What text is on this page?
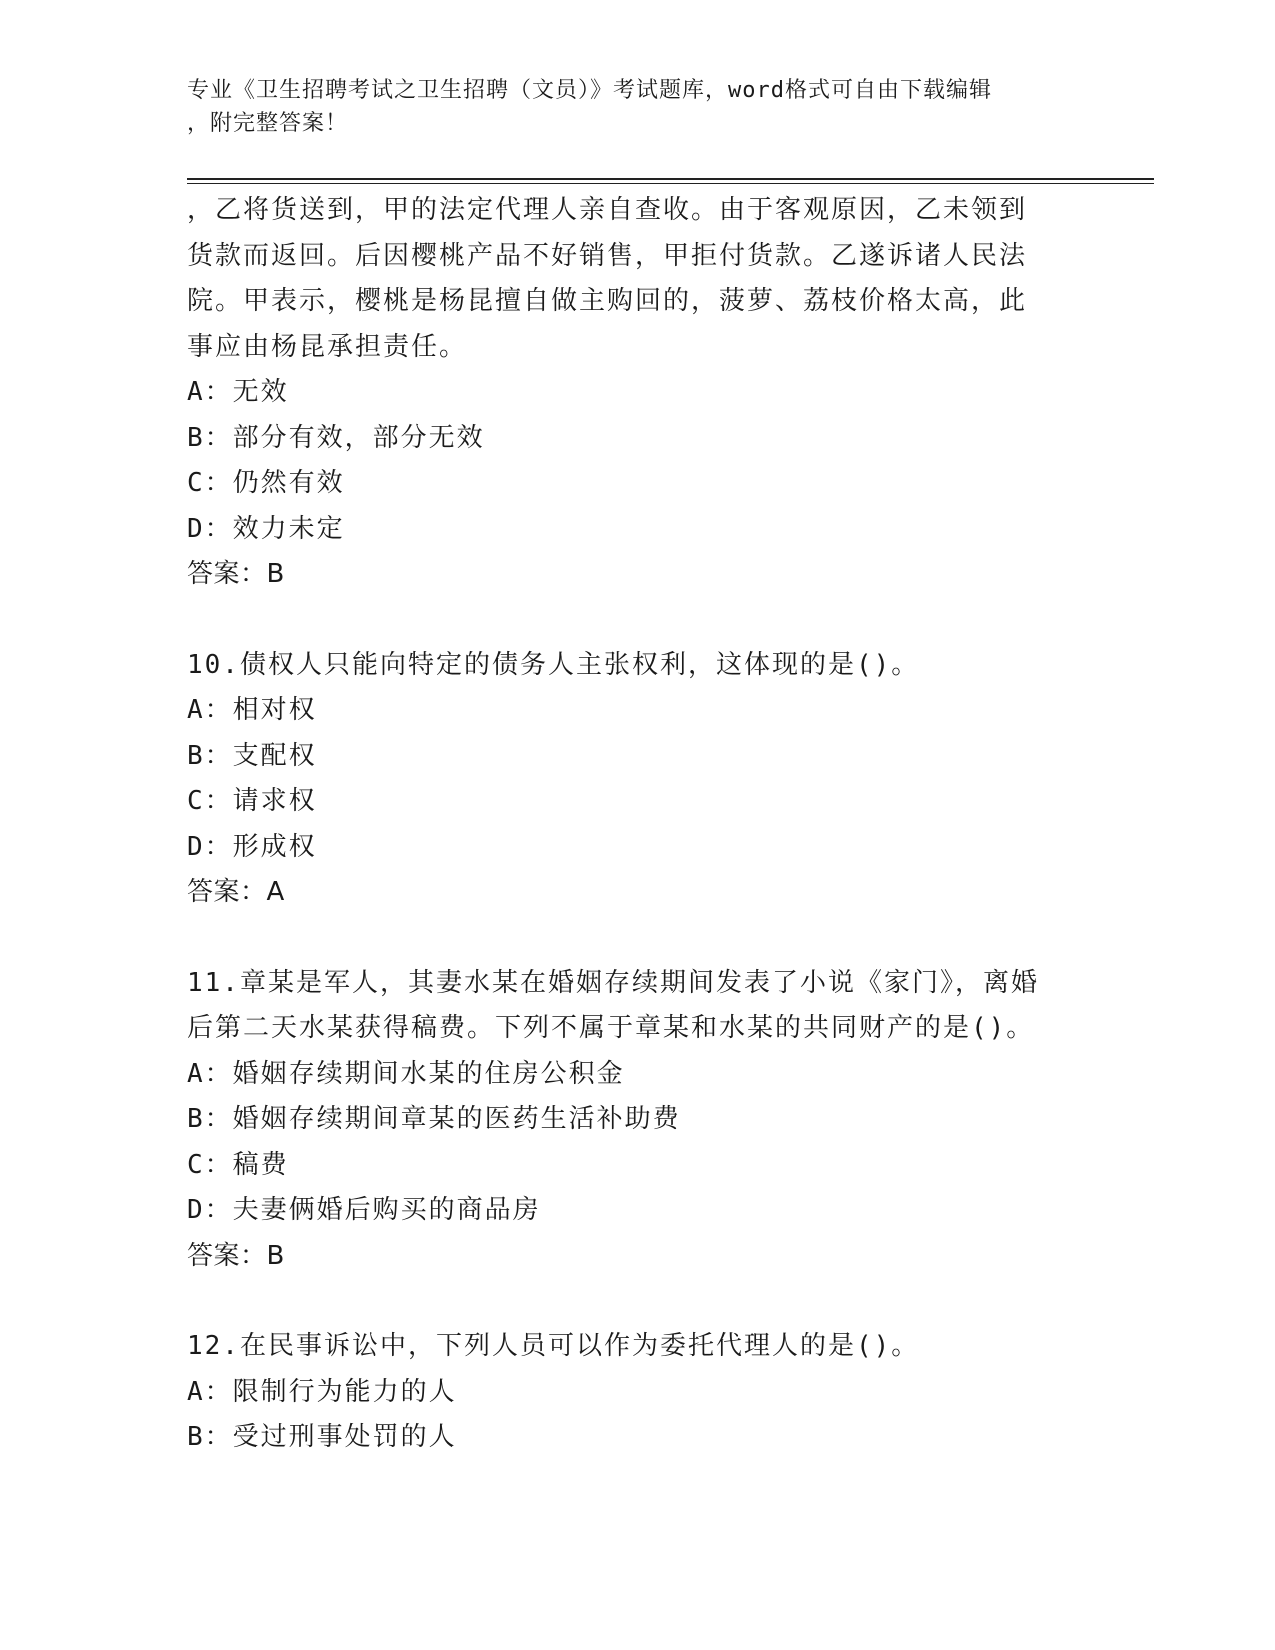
专业《卫生招聘考试之卫生招聘（文员）》考试题库，word格式可自由下载编辑
，附完整答案！
，乙将货送到，甲的法定代理人亲自查收。由于客观原因，乙未领到
货款而返回。后因樱桃产品不好销售，甲拒付货款。乙遂诉诸人民法
院。甲表示，樱桃是杨昆擅自做主购回的，菠萝、荔枝价格太高，此
事应由杨昆承担责任。
A：无效
B：部分有效，部分无效
C：仍然有效
D：效力未定
答案：B
10.债权人只能向特定的债务人主张权利，这体现的是()。
A：相对权
B：支配权
C：请求权
D：形成权
答案：A
11.章某是军人，其妻水某在婚姻存续期间发表了小说《家门》，离婚
后第二天水某获得稿费。下列不属于章某和水某的共同财产的是()。
A：婚姻存续期间水某的住房公积金
B：婚姻存续期间章某的医药生活补助费
C：稿费
D：夫妻俩婚后购买的商品房
答案：B
12.在民事诉讼中，下列人员可以作为委托代理人的是()。
A：限制行为能力的人
B：受过刑事处罚的人
